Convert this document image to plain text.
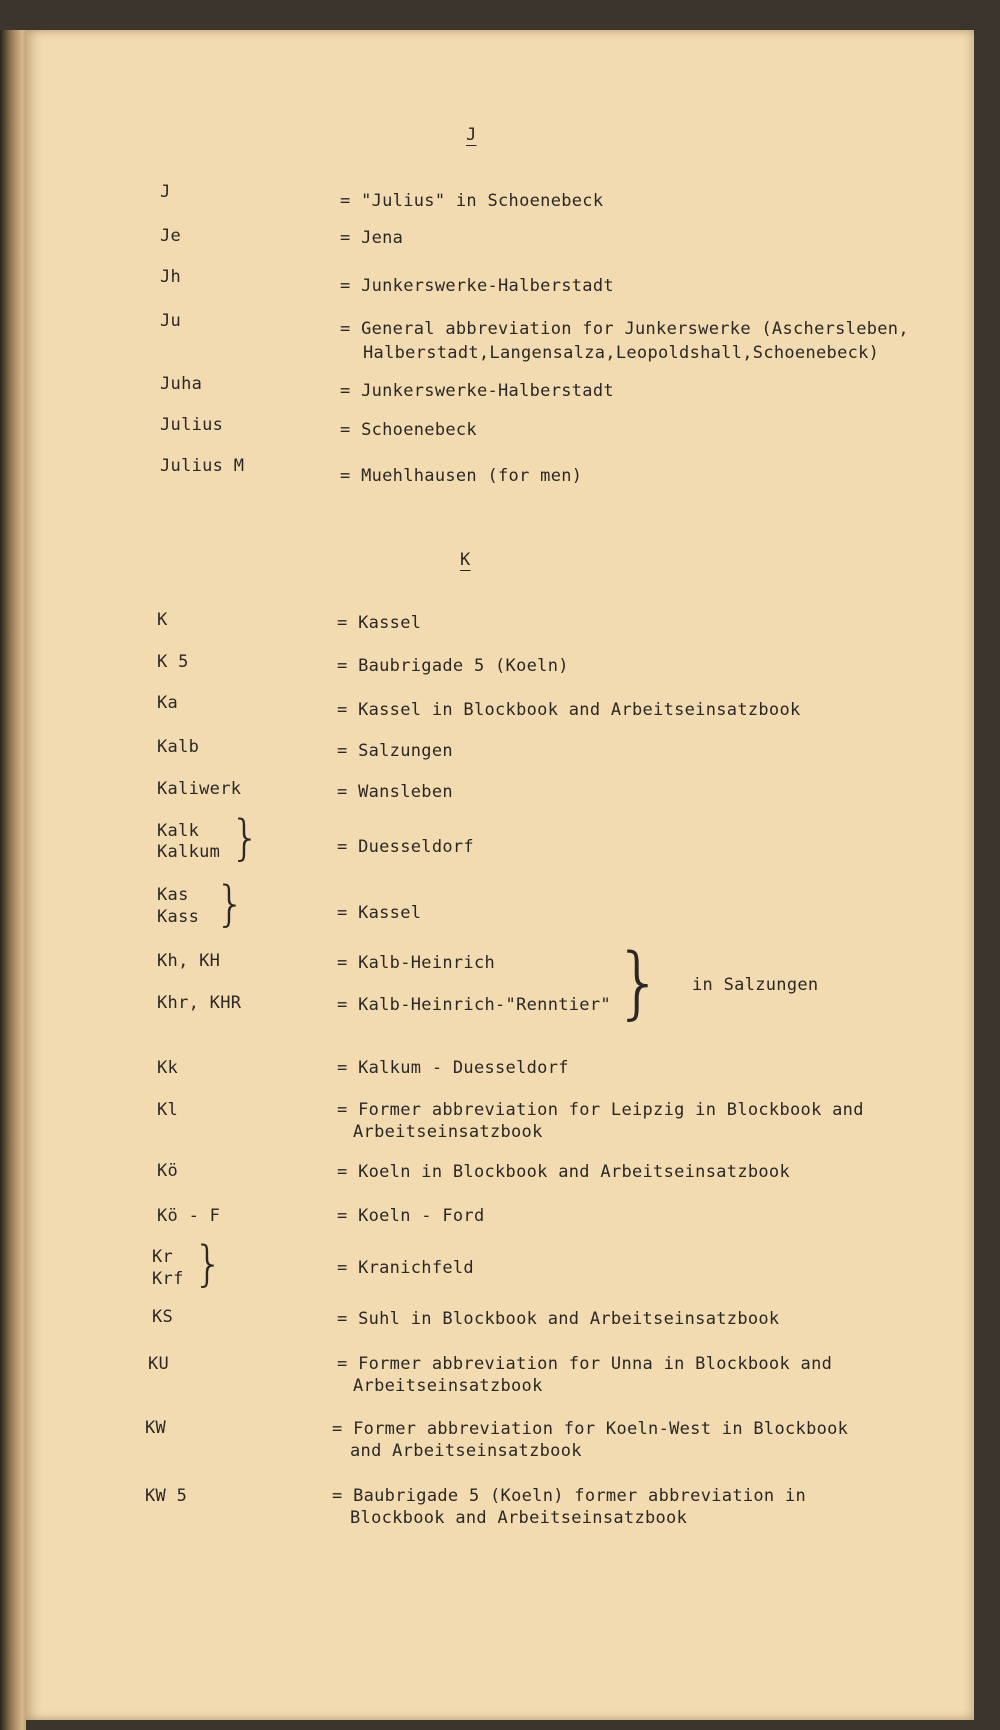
J
J	= "Julius" in Schoenebeck
Je	= Jena
Jh	= Junkerswerke-Halberstadt
Ju	= General abbreviation for Junkerswerke (Aschersleben,
Halberstadt,Langensalza,Leopoldshall,Schoenebeck)
Juha	= Junkerswerke-Halberstadt
Julius	= Schoenebeck
Julius M	= Muehlhausen (for men)
K
K	= Kassel
K 5	= Baubrigade 5 (Koeln)
Ka	= Kassel in Blockbook and Arbeitseinsatzbook
Kalb	= Salzungen
Kaliwerk	= Wansleben
Kalk
Kalkum }	= Duesseldorf
Kas
Kass }	= Kassel
Kh, KH	= Kalb-Heinrich
Khr, KHR	= Kalb-Heinrich-"Renntier" } in Salzungen
Kk	= Kalkum - Duesseldorf
Kl	= Former abbreviation for Leipzig in Blockbook and
Arbeitseinsatzbook
Kö	= Koeln in Blockbook and Arbeitseinsatzbook
Kö - F	= Koeln - Ford
Kr
Krf }	= Kranichfeld
KS	= Suhl in Blockbook and Arbeitseinsatzbook
KU	= Former abbreviation for Unna in Blockbook and
Arbeitseinsatzbook
KW	= Former abbreviation for Koeln-West in Blockbook
and Arbeitseinsatzbook
KW 5	= Baubrigade 5 (Koeln) former abbreviation in
Blockbook and Arbeitseinsatzbook
